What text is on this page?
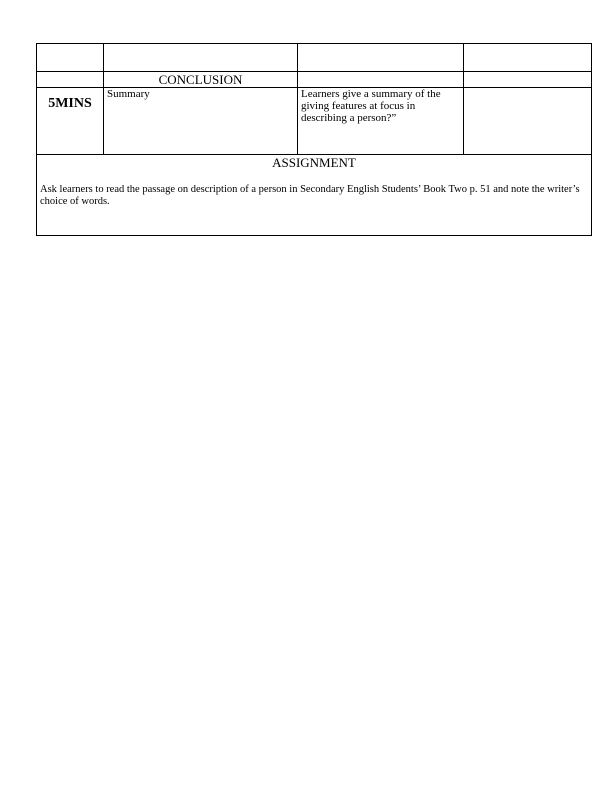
	CONCLUSION		
5MINS	Summary	Learners give a summary of the giving features at focus in describing a person?”	

ASSIGNMENT

Ask learners to read the passage on description of a person in Secondary English Students’ Book Two p. 51 and note the writer’s choice of words.			
